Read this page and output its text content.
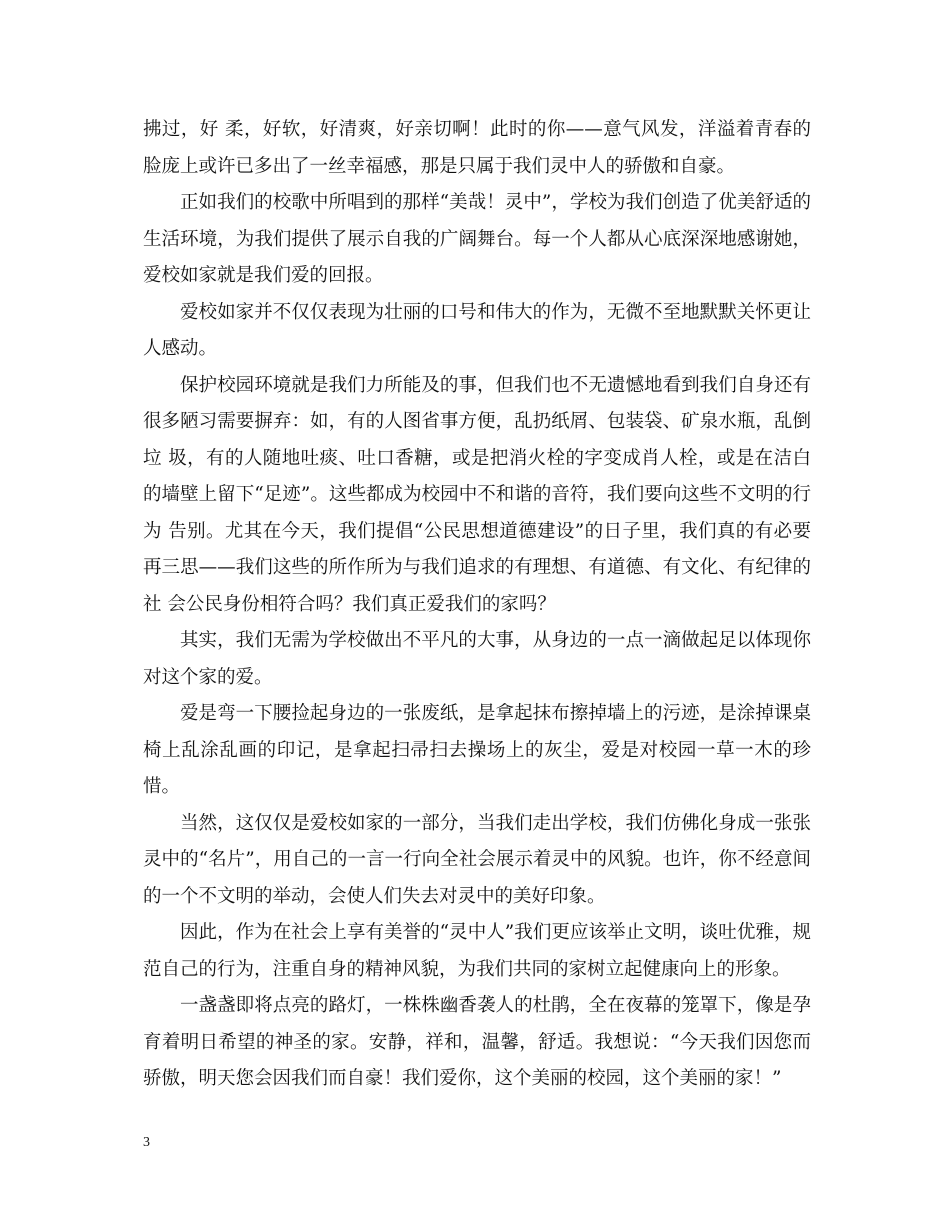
拂过，好 柔，好软，好清爽，好亲切啊！此时的你——意气风发，洋溢着青春的脸庞上或许已多出了一丝幸福感，那是只属于我们灵中人的骄傲和自豪。

正如我们的校歌中所唱到的那样“美哉！灵中”，学校为我们创造了优美舒适的生活环境，为我们提供了展示自我的广阔舞台。每一个人都从心底深深地感谢她，爱校如家就是我们爱的回报。

爱校如家并不仅仅表现为壮丽的口号和伟大的作为，无微不至地默默关怀更让人感动。

保护校园环境就是我们力所能及的事，但我们也不无遗憾地看到我们自身还有很多陋习需要摒弃：如，有的人图省事方便，乱扔纸屑、包装袋、矿泉水瓶，乱倒垃 圾，有的人随地吐痰、吐口香糖，或是把消火栓的字变成肖人栓，或是在洁白的墙壁上留下“足迹”。这些都成为校园中不和谐的音符，我们要向这些不文明的行为 告别。尤其在今天，我们提倡“公民思想道德建设”的日子里，我们真的有必要再三思——我们这些的所作所为与我们追求的有理想、有道德、有文化、有纪律的社 会公民身份相符合吗？我们真正爱我们的家吗？

其实，我们无需为学校做出不平凡的大事，从身边的一点一滴做起足以体现你对这个家的爱。

爱是弯一下腰捡起身边的一张废纸，是拿起抹布擦掉墙上的污迹，是涂掉课桌椅上乱涂乱画的印记，是拿起扫帚扫去操场上的灰尘，爱是对校园一草一木的珍惜。

当然，这仅仅是爱校如家的一部分，当我们走出学校，我们仿佛化身成一张张灵中的“名片”，用自己的一言一行向全社会展示着灵中的风貌。也许，你不经意间的一个不文明的举动，会使人们失去对灵中的美好印象。

因此，作为在社会上享有美誉的“灵中人”我们更应该举止文明，谈吐优雅，规范自己的行为，注重自身的精神风貌，为我们共同的家树立起健康向上的形象。

一盏盏即将点亮的路灯，一株株幽香袭人的杜鹃，全在夜幕的笼罩下，像是孕育着明日希望的神圣的家。安静，祥和，温馨，舒适。我想说：“今天我们因您而骄傲，明天您会因我们而自豪！我们爱你，这个美丽的校园，这个美丽的家！”

3
